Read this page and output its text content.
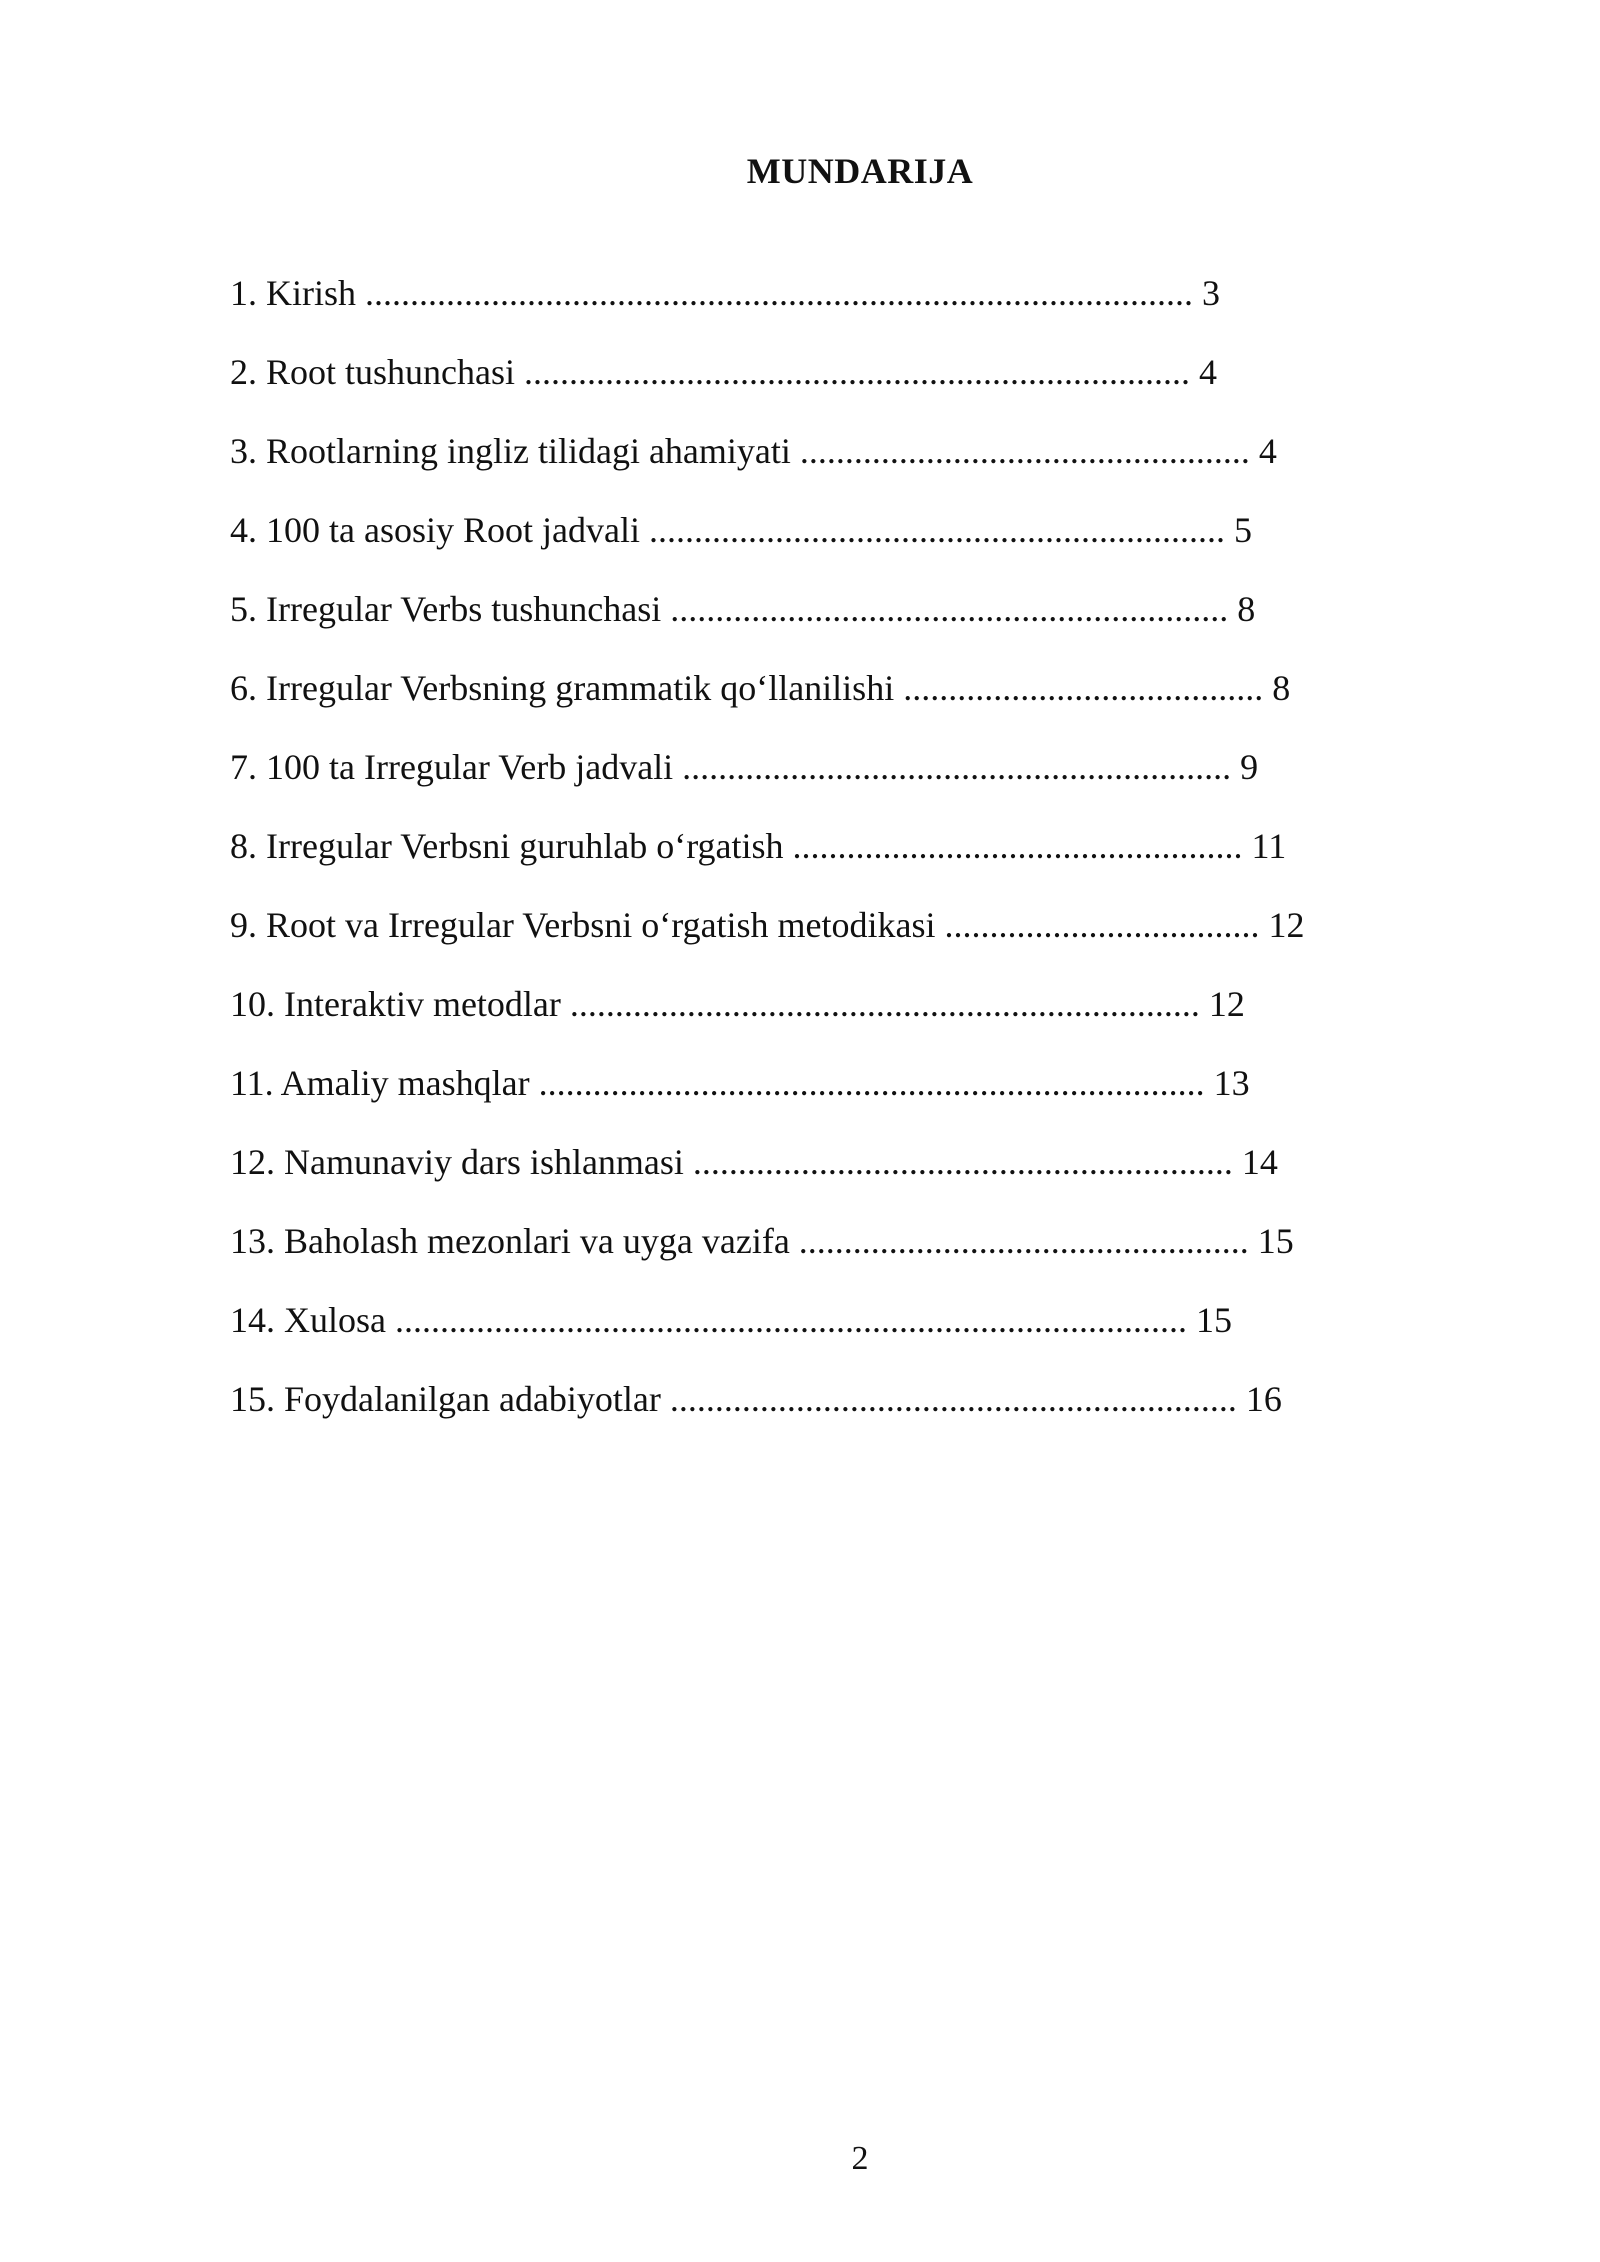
MUNDARIJA
1. Kirish ............................................................................................ 3
2. Root tushunchasi .......................................................................... 4
3. Rootlarning ingliz tilidagi ahamiyati .................................................. 4
4. 100 ta asosiy Root jadvali ................................................................ 5
5. Irregular Verbs tushunchasi .............................................................. 8
6. Irregular Verbsning grammatik qo‘llanilishi ........................................ 8
7. 100 ta Irregular Verb jadvali ............................................................. 9
8. Irregular Verbsni guruhlab o‘rgatish .................................................. 11
9. Root va Irregular Verbsni o‘rgatish metodikasi ................................... 12
10. Interaktiv metodlar ...................................................................... 12
11. Amaliy mashqlar .......................................................................... 13
12. Namunaviy dars ishlanmasi ............................................................ 14
13. Baholash mezonlari va uyga vazifa .................................................. 15
14. Xulosa ........................................................................................ 15
15. Foydalanilgan adabiyotlar ............................................................... 16
2
